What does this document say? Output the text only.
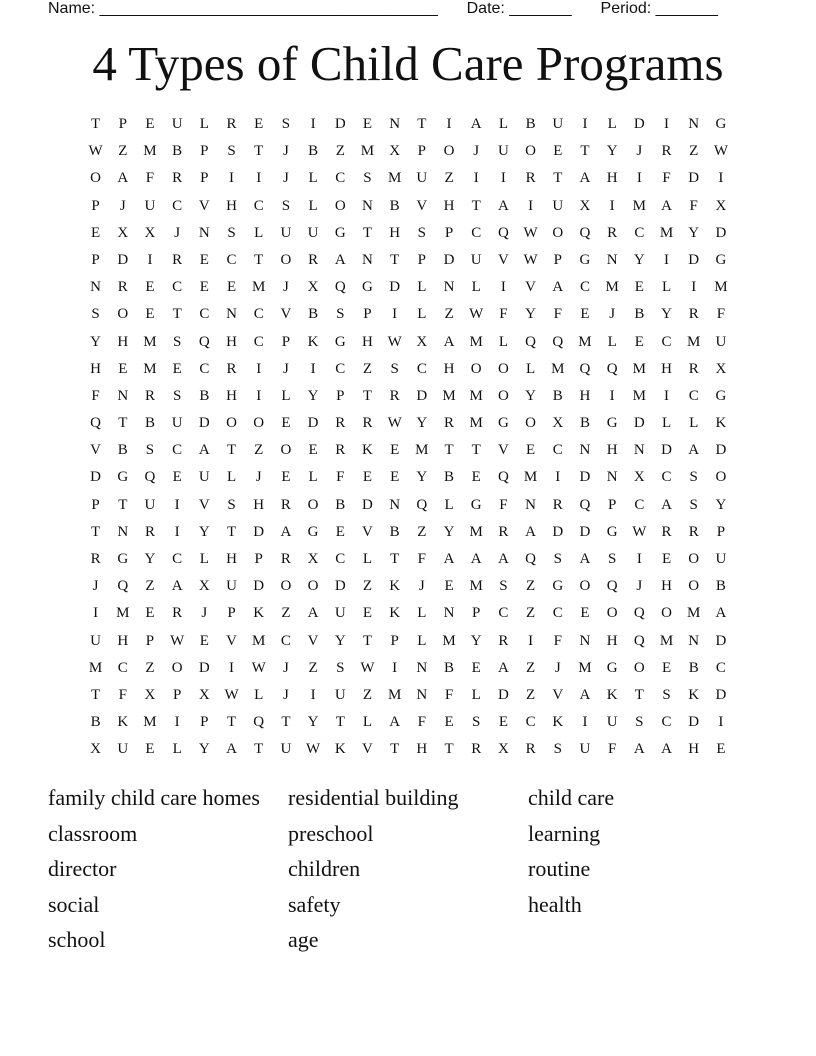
Name: ______________________________________ Date: _______ Period: _______
4 Types of Child Care Programs
T	P	E	U	L	R	E	S	I	D	E	N	T	I	A	L	B	U	I	L	D	I	N	G
W	Z	M	B	P	S	T	J	B	Z	M	X	P	O	J	U	O	E	T	Y	J	R	Z	W
O	A	F	R	P	I	I	J	L	C	S	M	U	Z	I	I	R	T	A	H	I	F	D	I
P	J	U	C	V	H	C	S	L	O	N	B	V	H	T	A	I	U	X	I	M	A	F	X
E	X	X	J	N	S	L	U	U	G	T	H	S	P	C	Q W O	Q	R	C	M	Y	D
P	D	I	R	E	C	T	O	R	A	N	T	P	D	U	V W	P	G	N	Y	I	D	G
N	R	E	C	E	E	M	J	X	Q	G	D	L	N	L	I	V	A	C	M	E	L	I	M
S	O	E	T	C	N	C	V	B	S	P	I	L	Z	W	F	Y	F	E	J	B	Y	R	F
Y	H	M	S	Q	H	C	P	K	G	H W X	A	M	L	Q	Q	M	L	E	C	M	U
H	E	M	E	C	R	I	J	I	C	Z	S	C	H	O	O	L	M	Q	Q	M	H	R	X
F	N	R	S	B	H	I	L	Y	P	T	R	D	M M	O	Y	B	H	I	M	I	C	G
Q	T	B	U	D	O	O	E	D	R	R	W Y	R	M	G	O	X	B	G	D	L	L	K
V	B	S	C	A	T	Z	O	E	R	K	E	M	T	T	V	E	C	N	H	N	D	A	D
D	G	Q	E	U	L	J	E	L	F	E	E	Y	B	E	Q	M	I	D	N	X	C	S	O
P	T	U	I	V	S	H	R	O	B	D	N	Q	L	G	F	N	R	Q	P	C	A	S	Y
T	N	R	I	Y	T	D	A	G	E	V	B	Z	Y	M	R	A	D	D	G W	R	R	P
R	G	Y	C	L	H	P	R	X	C	L	T	F	A	A	A	Q	S	A	S	I	E	O	U
J	Q	Z	A	X	U	D	O	O	D	Z	K	J	E	M	S	Z	G	O	Q	J	H	O	B
I	M	E	R	J	P	K	Z	A	U	E	K	L	N	P	C	Z	C	E	O	Q	O	M	A
U	H	P	W	E	V	M	C	V	Y	T	P	L	M	Y	R	I	F	N	H	Q	M	N	D
M	C	Z	O	D	I	W	J	Z	S	W	I	N	B	E	A	Z	J	M	G	O	E	B	C
T	F	X	P	X W	L	J	I	U	Z	M	N	F	L	D	Z	V	A	K	T	S	K	D
B	K	M	I	P	T	Q	T	Y	T	L	A	F	E	S	E	C	K	I	U	S	C	D	I
X	U	E	L	Y	A	T	U W K	V	T	H	T	R	X	R	S	U	F	A	A	H	E
family child care homes	residential building	child care
classroom	preschool	learning
director	children	routine
social	safety	health
school	age
